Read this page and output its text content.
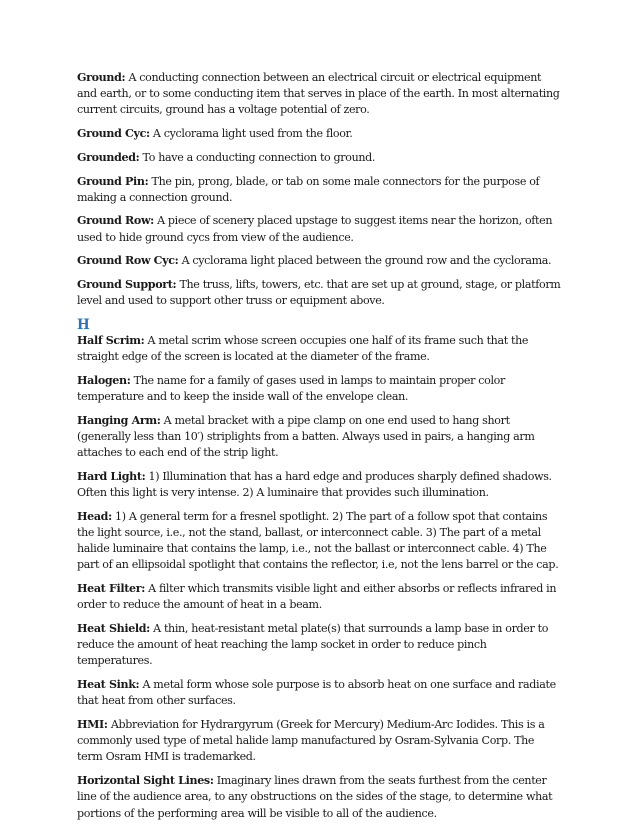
Ground: A conducting connection between an electrical circuit or electrical equipment and earth, or to some conducting item that serves in place of the earth. In most alternating current circuits, ground has a voltage potential of zero.

Ground Cyc: A cyclorama light used from the floor.

Grounded: To have a conducting connection to ground.

Ground Pin: The pin, prong, blade, or tab on some male connectors for the purpose of making a connection ground.

Ground Row: A piece of scenery placed upstage to suggest items near the horizon, often used to hide ground cycs from view of the audience.

Ground Row Cyc: A cyclorama light placed between the ground row and the cyclorama.

Ground Support: The truss, lifts, towers, etc. that are set up at ground, stage, or platform level and used to support other truss or equipment above.

H

Half Scrim: A metal scrim whose screen occupies one half of its frame such that the straight edge of the screen is located at the diameter of the frame.

Halogen: The name for a family of gases used in lamps to maintain proper color temperature and to keep the inside wall of the envelope clean.

Hanging Arm: A metal bracket with a pipe clamp on one end used to hang short (generally less than 10′) striplights from a batten. Always used in pairs, a hanging arm attaches to each end of the strip light.

Hard Light: 1) Illumination that has a hard edge and produces sharply defined shadows. Often this light is very intense. 2) A luminaire that provides such illumination.

Head: 1) A general term for a fresnel spotlight. 2) The part of a follow spot that contains the light source, i.e., not the stand, ballast, or interconnect cable. 3) The part of a metal halide luminaire that contains the lamp, i.e., not the ballast or interconnect cable. 4) The part of an ellipsoidal spotlight that contains the reflector, i.e, not the lens barrel or the cap.

Heat Filter: A filter which transmits visible light and either absorbs or reflects infrared in order to reduce the amount of heat in a beam.

Heat Shield: A thin, heat-resistant metal plate(s) that surrounds a lamp base in order to reduce the amount of heat reaching the lamp socket in order to reduce pinch temperatures.

Heat Sink: A metal form whose sole purpose is to absorb heat on one surface and radiate that heat from other surfaces.

HMI: Abbreviation for Hydrargyrum (Greek for Mercury) Medium-Arc Iodides. This is a commonly used type of metal halide lamp manufactured by Osram-Sylvania Corp. The term Osram HMI is trademarked.

Horizontal Sight Lines: Imaginary lines drawn from the seats furthest from the center line of the audience area, to any obstructions on the sides of the stage, to determine what portions of the performing area will be visible to all of the audience.
